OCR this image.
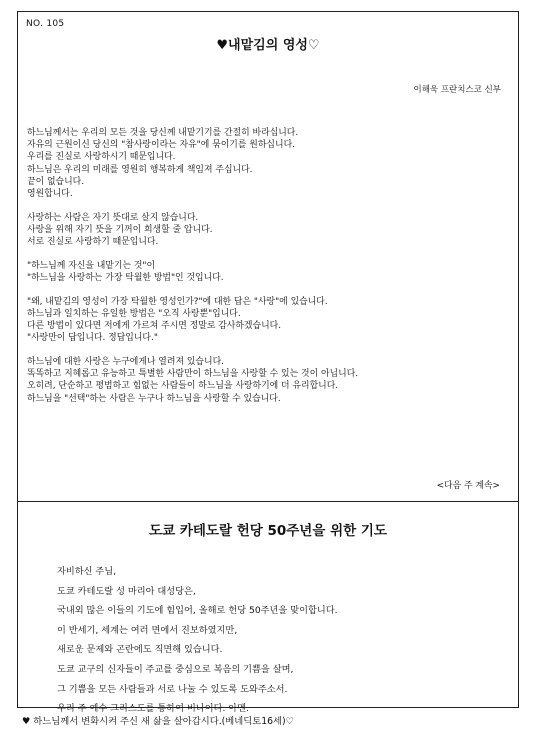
NO. 105
♥내맡김의 영성♡
이해욱 프란치스코 신부
하느님께서는 우리의 모든 것을 당신께 내맡기기를 간절히 바라십니다.
자유의 근원이신 당신의 "참사랑이라는 자유"에 묶이기를 원하십니다.
우리를 진실로 사랑하시기 때문입니다.
하느님은 우리의 미래를 영원히 행복하게 책임져 주십니다.
끝이 없습니다.
영원합니다.
사랑하는 사람은 자기 뜻대로 살지 않습니다.
사랑을 위해 자기 뜻을 기꺼이 희생할 줄 압니다.
서로 진실로 사랑하기 때문입니다.
"하느님께 자신을 내맡기는 것"이
"하느님을 사랑하는 가장 탁월한 방법"인 것입니다.
"왜, 내맡김의 영성이 가장 탁월한 영성인가?"에 대한 답은 "사랑"에 있습니다.
하느님과 일치하는 유일한 방법은 "오직 사랑뿐"입니다.
다른 방법이 있다면 저에게 가르쳐 주시면 정말로 감사하겠습니다.
"사랑만이 답입니다. 정답입니다."
하느님에 대한 사랑은 누구에게나 열려져 있습니다.
똑똑하고 지혜롭고 유능하고 특별한 사람만이 하느님을 사랑할 수 있는 것이 아닙니다.
오히려, 단순하고 평범하고 힘없는 사람들이 하느님을 사랑하기에 더 유리합니다.
하느님을 "선택"하는 사람은 누구나 하느님을 사랑할 수 있습니다.
<다음 주 계속>
도쿄 카테도랄 헌당 50주년을 위한 기도
자비하신 주님,
도쿄 카테도랄 성 마리아 대성당은,
국내외 많은 이들의 기도에 힘입어, 올해로 헌당 50주년을 맞이합니다.
이 반세기, 세계는 여러 면에서 진보하였지만,
새로운 문제와 곤란에도 직면해 있습니다.
도쿄 교구의 신자들이 주교를 중심으로 복음의 기쁨을 살며,
그 기쁨을 모든 사람들과 서로 나눌 수 있도록 도와주소서.
우리 주 예수 그리스도를 통하여 비나이다. 아멘.
♥ 하느님께서 변화시켜 주신 새 삶을 살아갑시다.(베네딕토16세)♡
